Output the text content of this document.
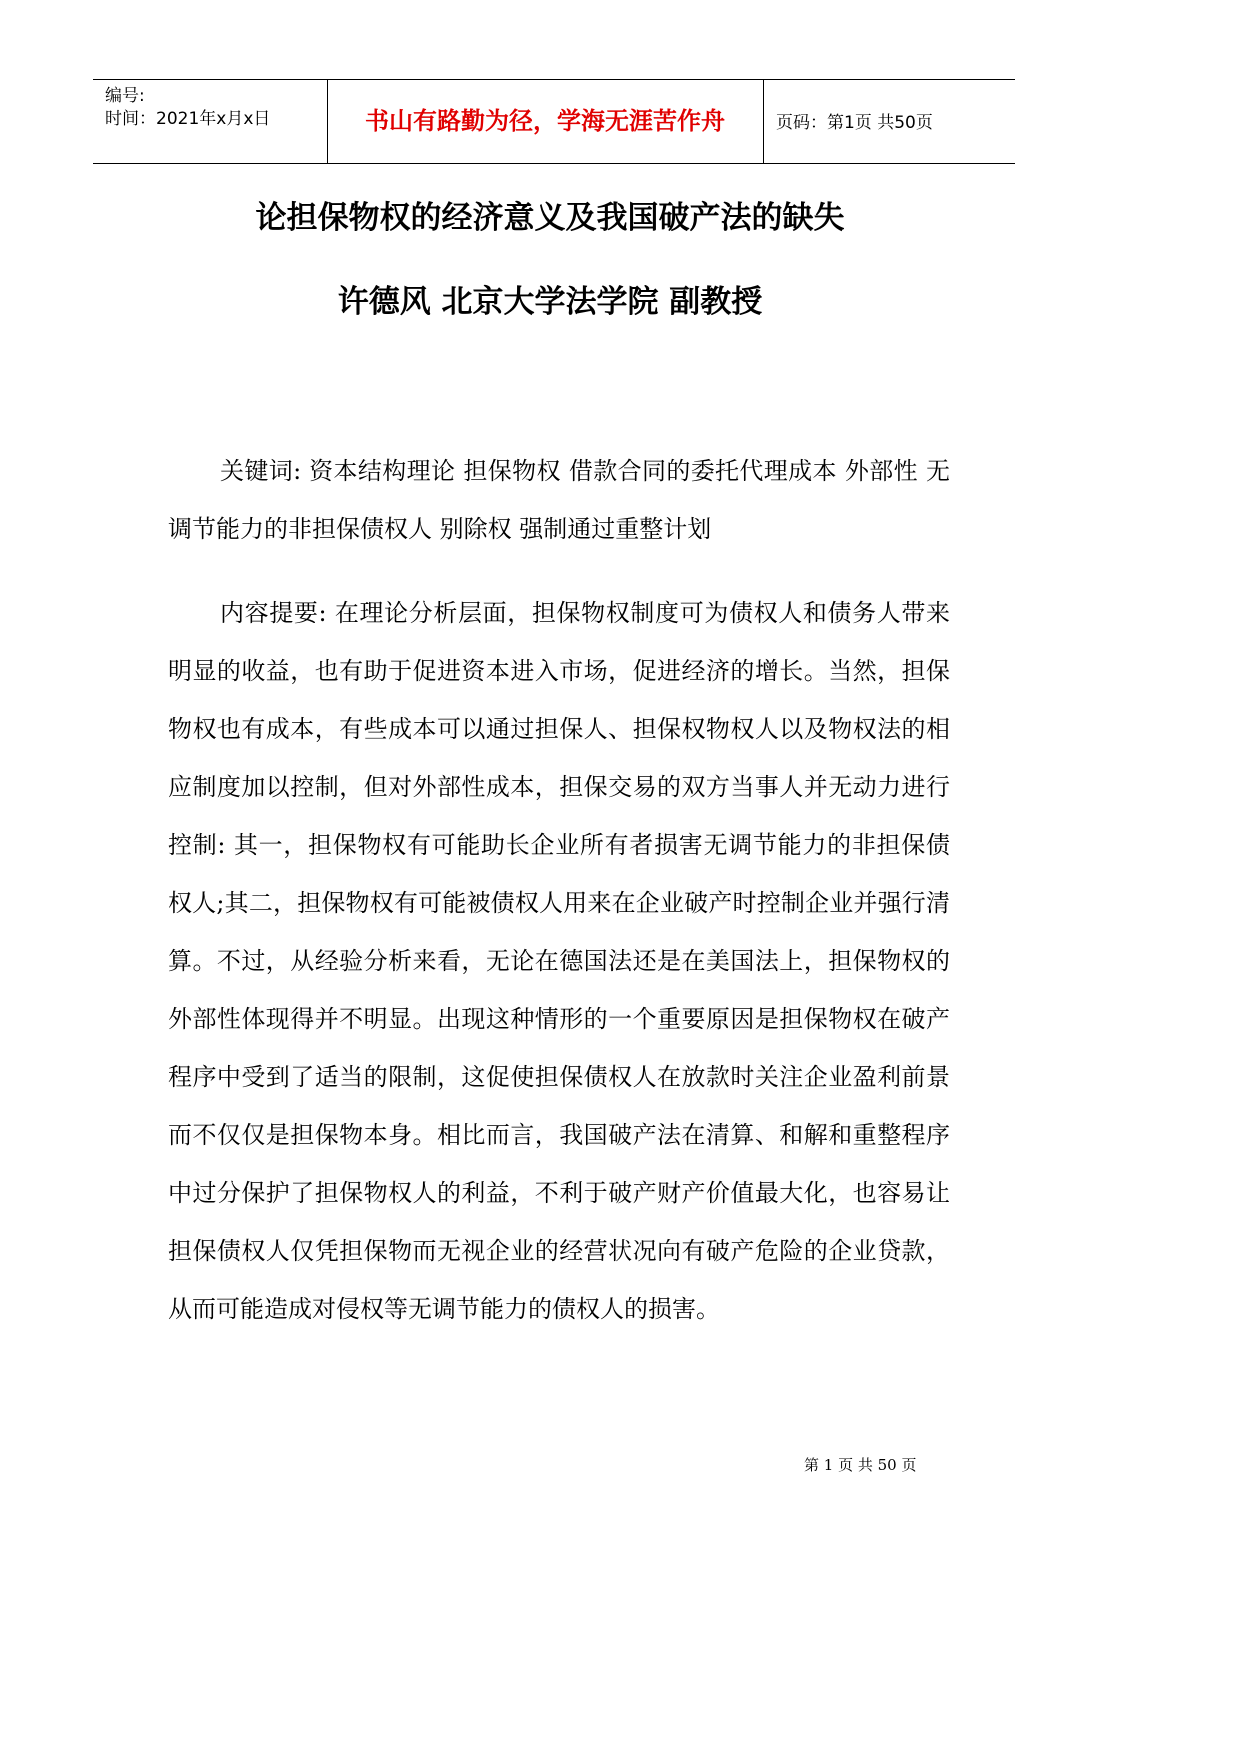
编号:
时间：2021年x月x日	书山有路勤为径，学海无涯苦作舟	页码：第1页 共50页
论担保物权的经济意义及我国破产法的缺失
许德风 北京大学法学院 副教授

关键词: 资本结构理论 担保物权 借款合同的委托代理成本 外部性 无调节能力的非担保债权人 别除权 强制通过重整计划

内容提要: 在理论分析层面，担保物权制度可为债权人和债务人带来明显的收益，也有助于促进资本进入市场，促进经济的增长。当然，担保物权也有成本，有些成本可以通过担保人、担保权物权人以及物权法的相应制度加以控制，但对外部性成本，担保交易的双方当事人并无动力进行控制: 其一，担保物权有可能助长企业所有者损害无调节能力的非担保债权人;其二，担保物权有可能被债权人用来在企业破产时控制企业并强行清算。不过，从经验分析来看，无论在德国法还是在美国法上，担保物权的外部性体现得并不明显。出现这种情形的一个重要原因是担保物权在破产程序中受到了适当的限制，这促使担保债权人在放款时关注企业盈利前景而不仅仅是担保物本身。相比而言，我国破产法在清算、和解和重整程序中过分保护了担保物权人的利益，不利于破产财产价值最大化，也容易让担保债权人仅凭担保物而无视企业的经营状况向有破产危险的企业贷款，从而可能造成对侵权等无调节能力的债权人的损害。

第 1 页 共 50 页
